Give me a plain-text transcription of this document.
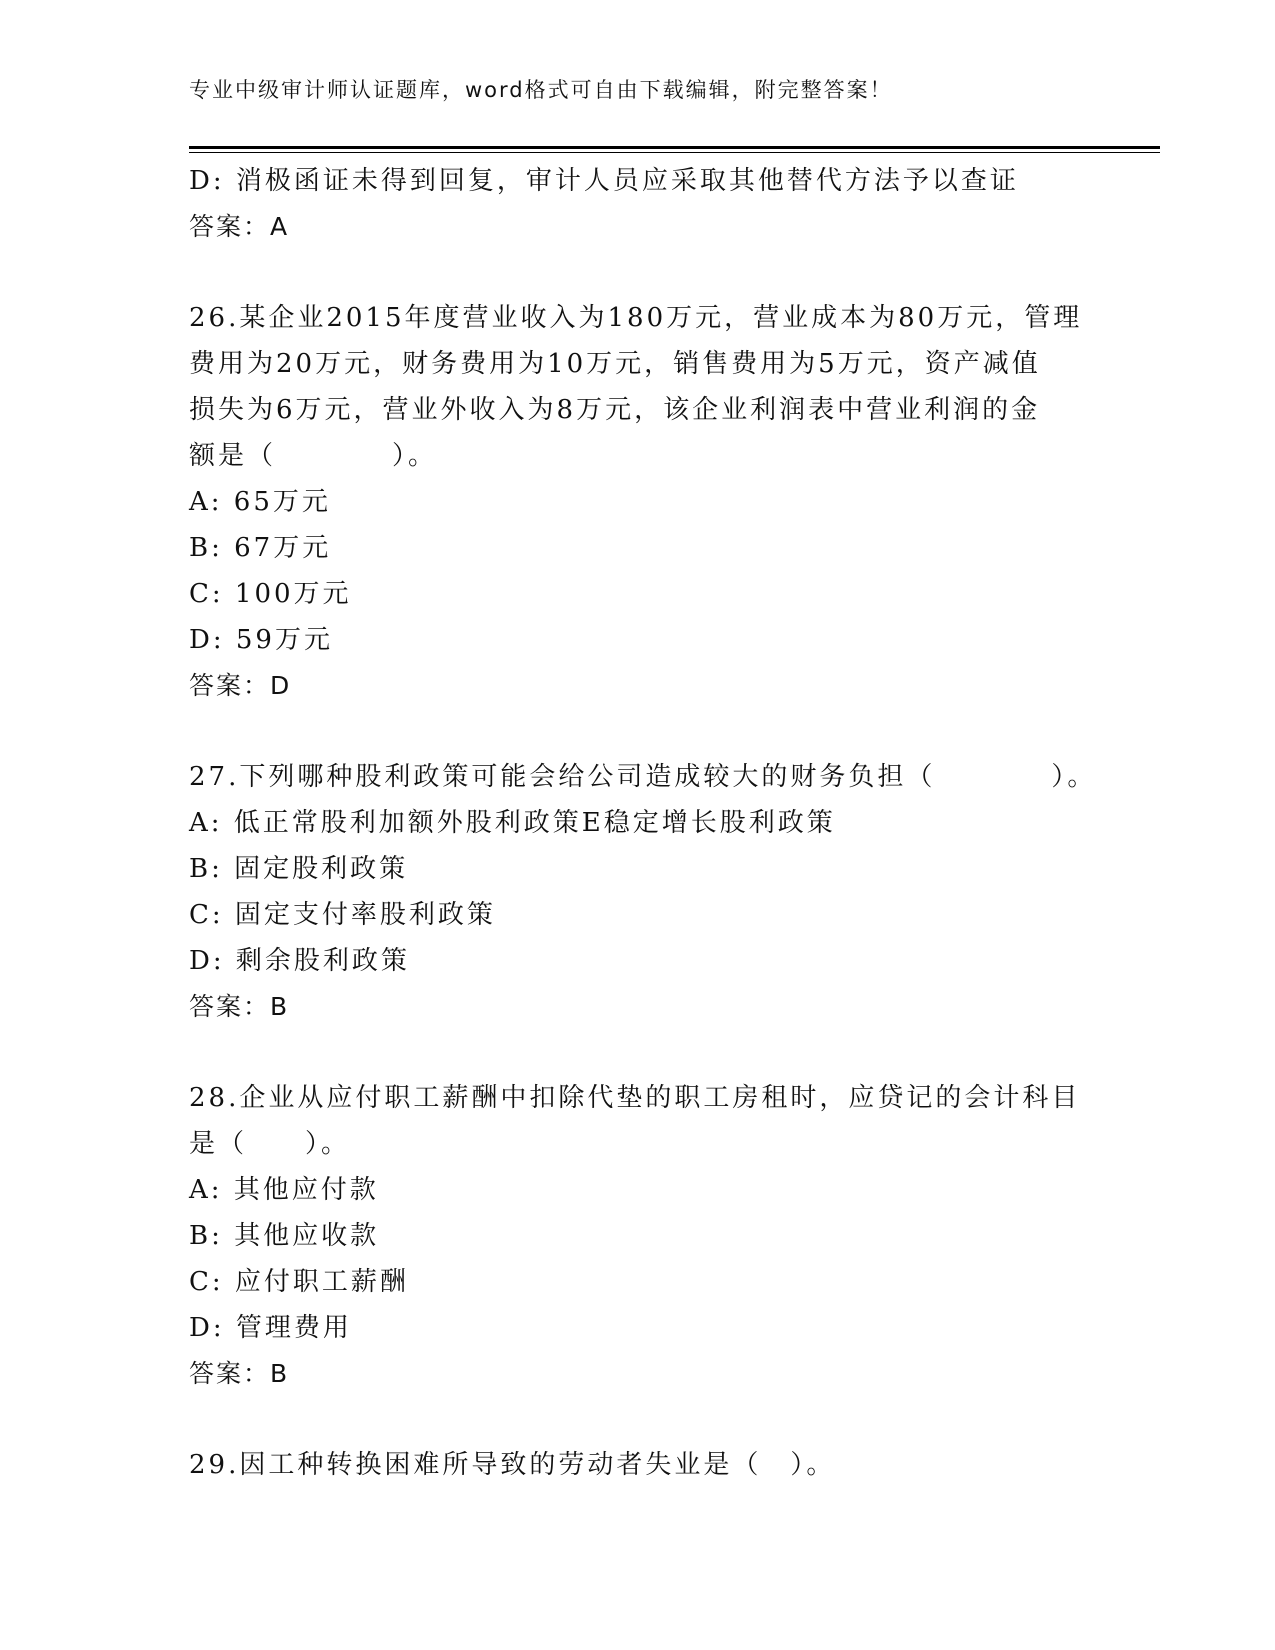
专业中级审计师认证题库，word格式可自由下载编辑，附完整答案！
D: 消极函证未得到回复，审计人员应采取其他替代方法予以查证
答案：A
26.某企业2015年度营业收入为180万元，营业成本为80万元，管理
费用为20万元，财务费用为10万元，销售费用为5万元，资产减值
损失为6万元，营业外收入为8万元，该企业利润表中营业利润的金
额是（　　　　）。
A: 65万元
B: 67万元
C: 100万元
D: 59万元
答案：D
27.下列哪种股利政策可能会给公司造成较大的财务负担（　　　　）。
A: 低正常股利加额外股利政策E稳定增长股利政策
B: 固定股利政策
C: 固定支付率股利政策
D: 剩余股利政策
答案：B
28.企业从应付职工薪酬中扣除代垫的职工房租时，应贷记的会计科目
是（　　）。
A: 其他应付款
B: 其他应收款
C: 应付职工薪酬
D: 管理费用
答案：B
29.因工种转换困难所导致的劳动者失业是（　）。
